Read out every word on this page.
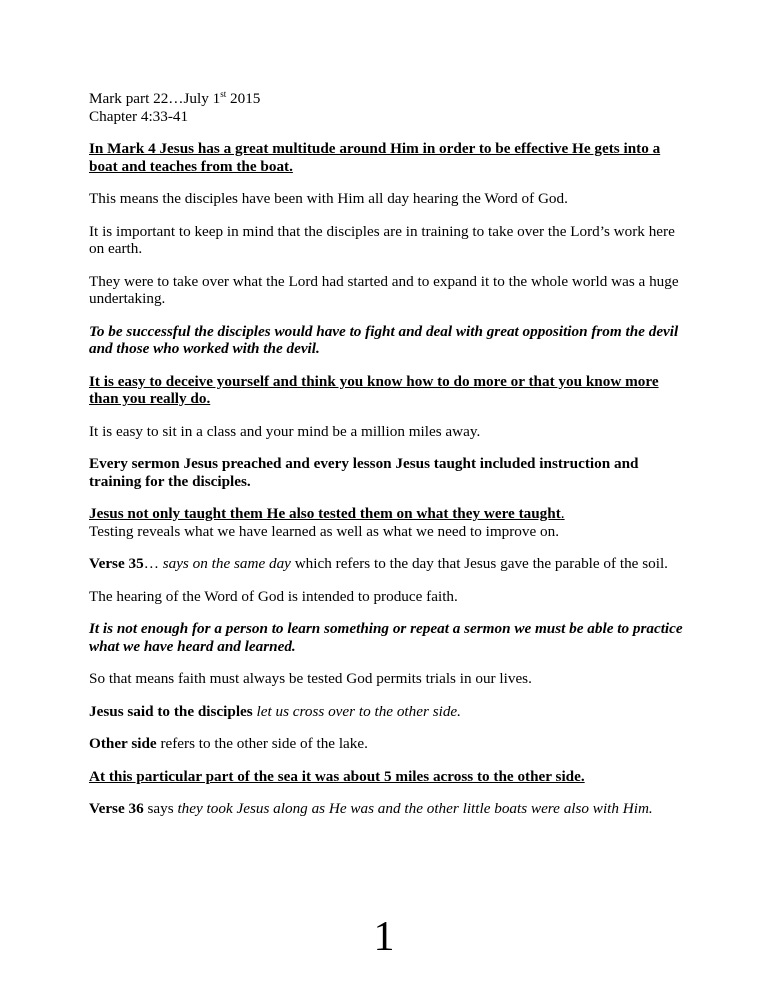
Mark part 22…July 1st 2015
Chapter 4:33-41

In Mark 4 Jesus has a great multitude around Him in order to be effective He gets into a boat and teaches from the boat.

This means the disciples have been with Him all day hearing the Word of God.

It is important to keep in mind that the disciples are in training to take over the Lord’s work here on earth.

They were to take over what the Lord had started and to expand it to the whole world was a huge undertaking.

To be successful the disciples would have to fight and deal with great opposition from the devil and those who worked with the devil.

It is easy to deceive yourself and think you know how to do more or that you know more than you really do.

It is easy to sit in a class and your mind be a million miles away.

Every sermon Jesus preached and every lesson Jesus taught included instruction and training for the disciples.

Jesus not only taught them He also tested them on what they were taught.
Testing reveals what we have learned as well as what we need to improve on.

Verse 35… says on the same day which refers to the day that Jesus gave the parable of the soil.

The hearing of the Word of God is intended to produce faith.

It is not enough for a person to learn something or repeat a sermon we must be able to practice what we have heard and learned.

So that means faith must always be tested God permits trials in our lives.

Jesus said to the disciples let us cross over to the other side.

Other side refers to the other side of the lake.

At this particular part of the sea it was about 5 miles across to the other side.

Verse 36 says they took Jesus along as He was and the other little boats were also with Him.

1
